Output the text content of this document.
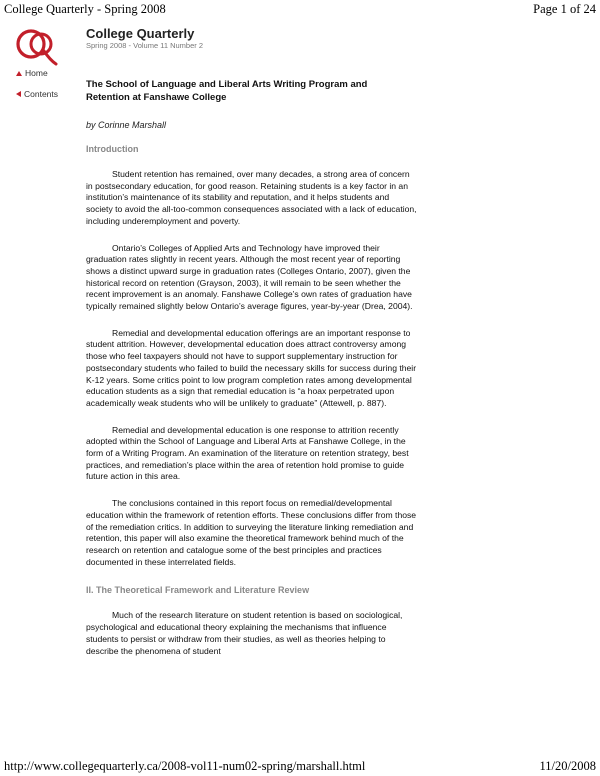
College Quarterly - Spring 2008	Page 1 of 24
College Quarterly
Spring 2008 - Volume 11 Number 2
Home
Contents
The School of Language and Liberal Arts Writing Program and
Retention at Fanshawe College

by Corinne Marshall

Introduction

Student retention has remained, over many decades, a strong area of concern in postsecondary education, for good reason. Retaining students is a key factor in an institution’s maintenance of its stability and reputation, and it helps students and society to avoid the all-too-common consequences associated with a lack of education, including underemployment and poverty.

Ontario’s Colleges of Applied Arts and Technology have improved their graduation rates slightly in recent years. Although the most recent year of reporting shows a distinct upward surge in graduation rates (Colleges Ontario, 2007), given the historical record on retention (Grayson, 2003), it will remain to be seen whether the recent improvement is an anomaly. Fanshawe College’s own rates of graduation have typically remained slightly below Ontario’s average figures, year-by-year (Drea, 2004).

Remedial and developmental education offerings are an important response to student attrition. However, developmental education does attract controversy among those who feel taxpayers should not have to support supplementary instruction for postsecondary students who failed to build the necessary skills for success during their K-12 years. Some critics point to low program completion rates among developmental education students as a sign that remedial education is “a hoax perpetrated upon academically weak students who will be unlikely to graduate” (Attewell, p. 887).

Remedial and developmental education is one response to attrition recently adopted within the School of Language and Liberal Arts at Fanshawe College, in the form of a Writing Program. An examination of the literature on retention strategy, best practices, and remediation’s place within the area of retention hold promise to guide future action in this area.

The conclusions contained in this report focus on remedial/developmental education within the framework of retention efforts. These conclusions differ from those of the remediation critics. In addition to surveying the literature linking remediation and retention, this paper will also examine the theoretical framework behind much of the research on retention and catalogue some of the best principles and practices documented in these interrelated fields.

II. The Theoretical Framework and Literature Review

Much of the research literature on student retention is based on sociological, psychological and educational theory explaining the mechanisms that influence students to persist or withdraw from their studies, as well as theories helping to describe the phenomena of student

http://www.collegequarterly.ca/2008-vol11-num02-spring/marshall.html	11/20/2008
